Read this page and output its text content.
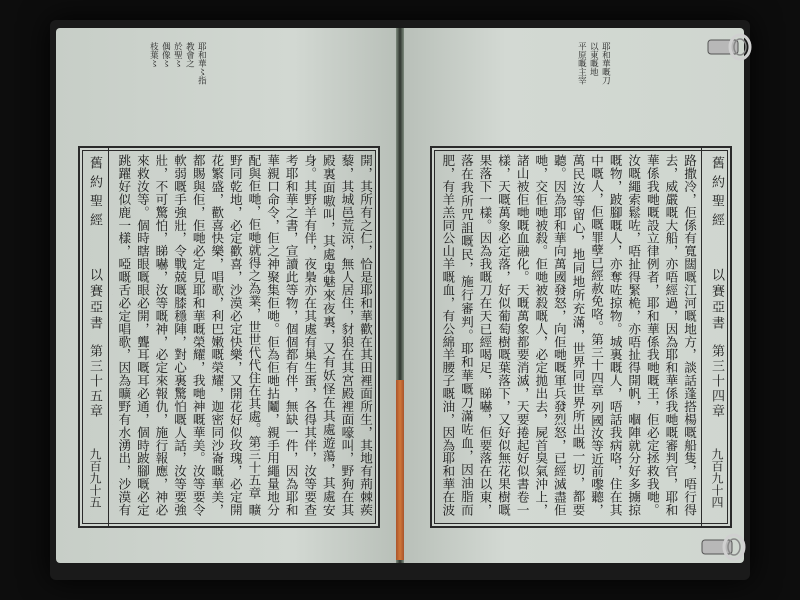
耶和華〻指
教會之
於聖〻
偶像〻
枝葉〻
舊約聖經
以賽亞書
第三十五章
九百九十五	開，其所有之仁，恰是耶和華歡在其田裡面所生，其地有荊棘蒺藜，其城邑荒涼，無人居住，豺狼在其宮殿裡面嚎叫，野狗在其殿裏面嗷叫，其處鬼魅來夜裏，又有妖怪在其處遊蕩，其處安身。其野羊有伴，夜梟亦在其處有巢生蛋，各得其伴，汝等要查考耶和華之書，宣讀此等物，個個都有伴，無缺一件，因為耶和華親口命令，佢之神聚集佢哋。佢為佢哋拈鬮，親手用繩量地分配與佢哋，佢哋就得之為業，世世代代住在其處。第三十五章 曠野同乾地，必定歡喜，沙漠必定快樂，又開花好似玫瑰，必定開花繁盛，歡喜快樂，唱歌，利巴嫩嘅榮耀，迦密同沙崙嘅華美，都賜與佢，佢哋必定見耶和華嘅榮耀，我哋神嘅華美。汝等要令軟弱嘅手強壯，令戰兢嘅膝穩陣，對心裏驚怕嘅人話，汝等要強壯，不可驚怕，睇嚇，汝等嘅神，必定來報仇，施行報應，神必來救汝等。個時瞎眼嘅眼必開，聾耳嘅耳必通，個時跛腳嘅必定跳躍好似鹿一樣，啞嘅舌必定唱歌，因為曠野有水湧出，沙漠有
耶和華嘅刀
以東嘅地
平原嘅主宰
舊約聖經
以賽亞書
第三十四章
九百九十四
路撒冷，佢係有寬闊嘅江河嘅地方，談話蓬搭楊嘅船隻，唔行得去，威嚴嘅大船，亦唔經過，因為耶和華係我哋嘅審判官，耶和華係我哋嘅設立律例者，耶和華係我哋嘅王，佢必定拯救我哋。汝嘅繩索鬆咗，唔扯得緊桅，亦唔扯得開帆，嗰陣就分好多擄掠嘅物，跛腳嘅人，亦奪咗掠物。城裏嘅人，唔話我病咯，住在其中嘅人，佢嘅罪孽已經赦免咯。第三十四章 列國汝等近前嚟聽，萬民汝等留心，地同地所充滿，世界同世界所出嘅一切，都要聽。因為耶和華向萬國發怒，向佢哋嘅軍兵發烈怒，已經滅盡佢哋，交佢哋被殺。佢哋被殺嘅人，必定拋出去，屍首臭氣沖上，諸山被佢哋嘅血融化。天嘅萬象都要消滅，天要捲起好似書卷一樣，天嘅萬象必定落，好似葡萄樹嘅葉落下，又好似無花果樹嘅果落下一樣。因為我嘅刀在天已經喝足，睇嚇，佢要落在以東，落在我所咒詛嘅民，施行審判。耶和華嘅刀滿咗血，因油脂而肥，有羊羔同公山羊嘅血，有公綿羊腰子嘅油，因為耶和華在波
